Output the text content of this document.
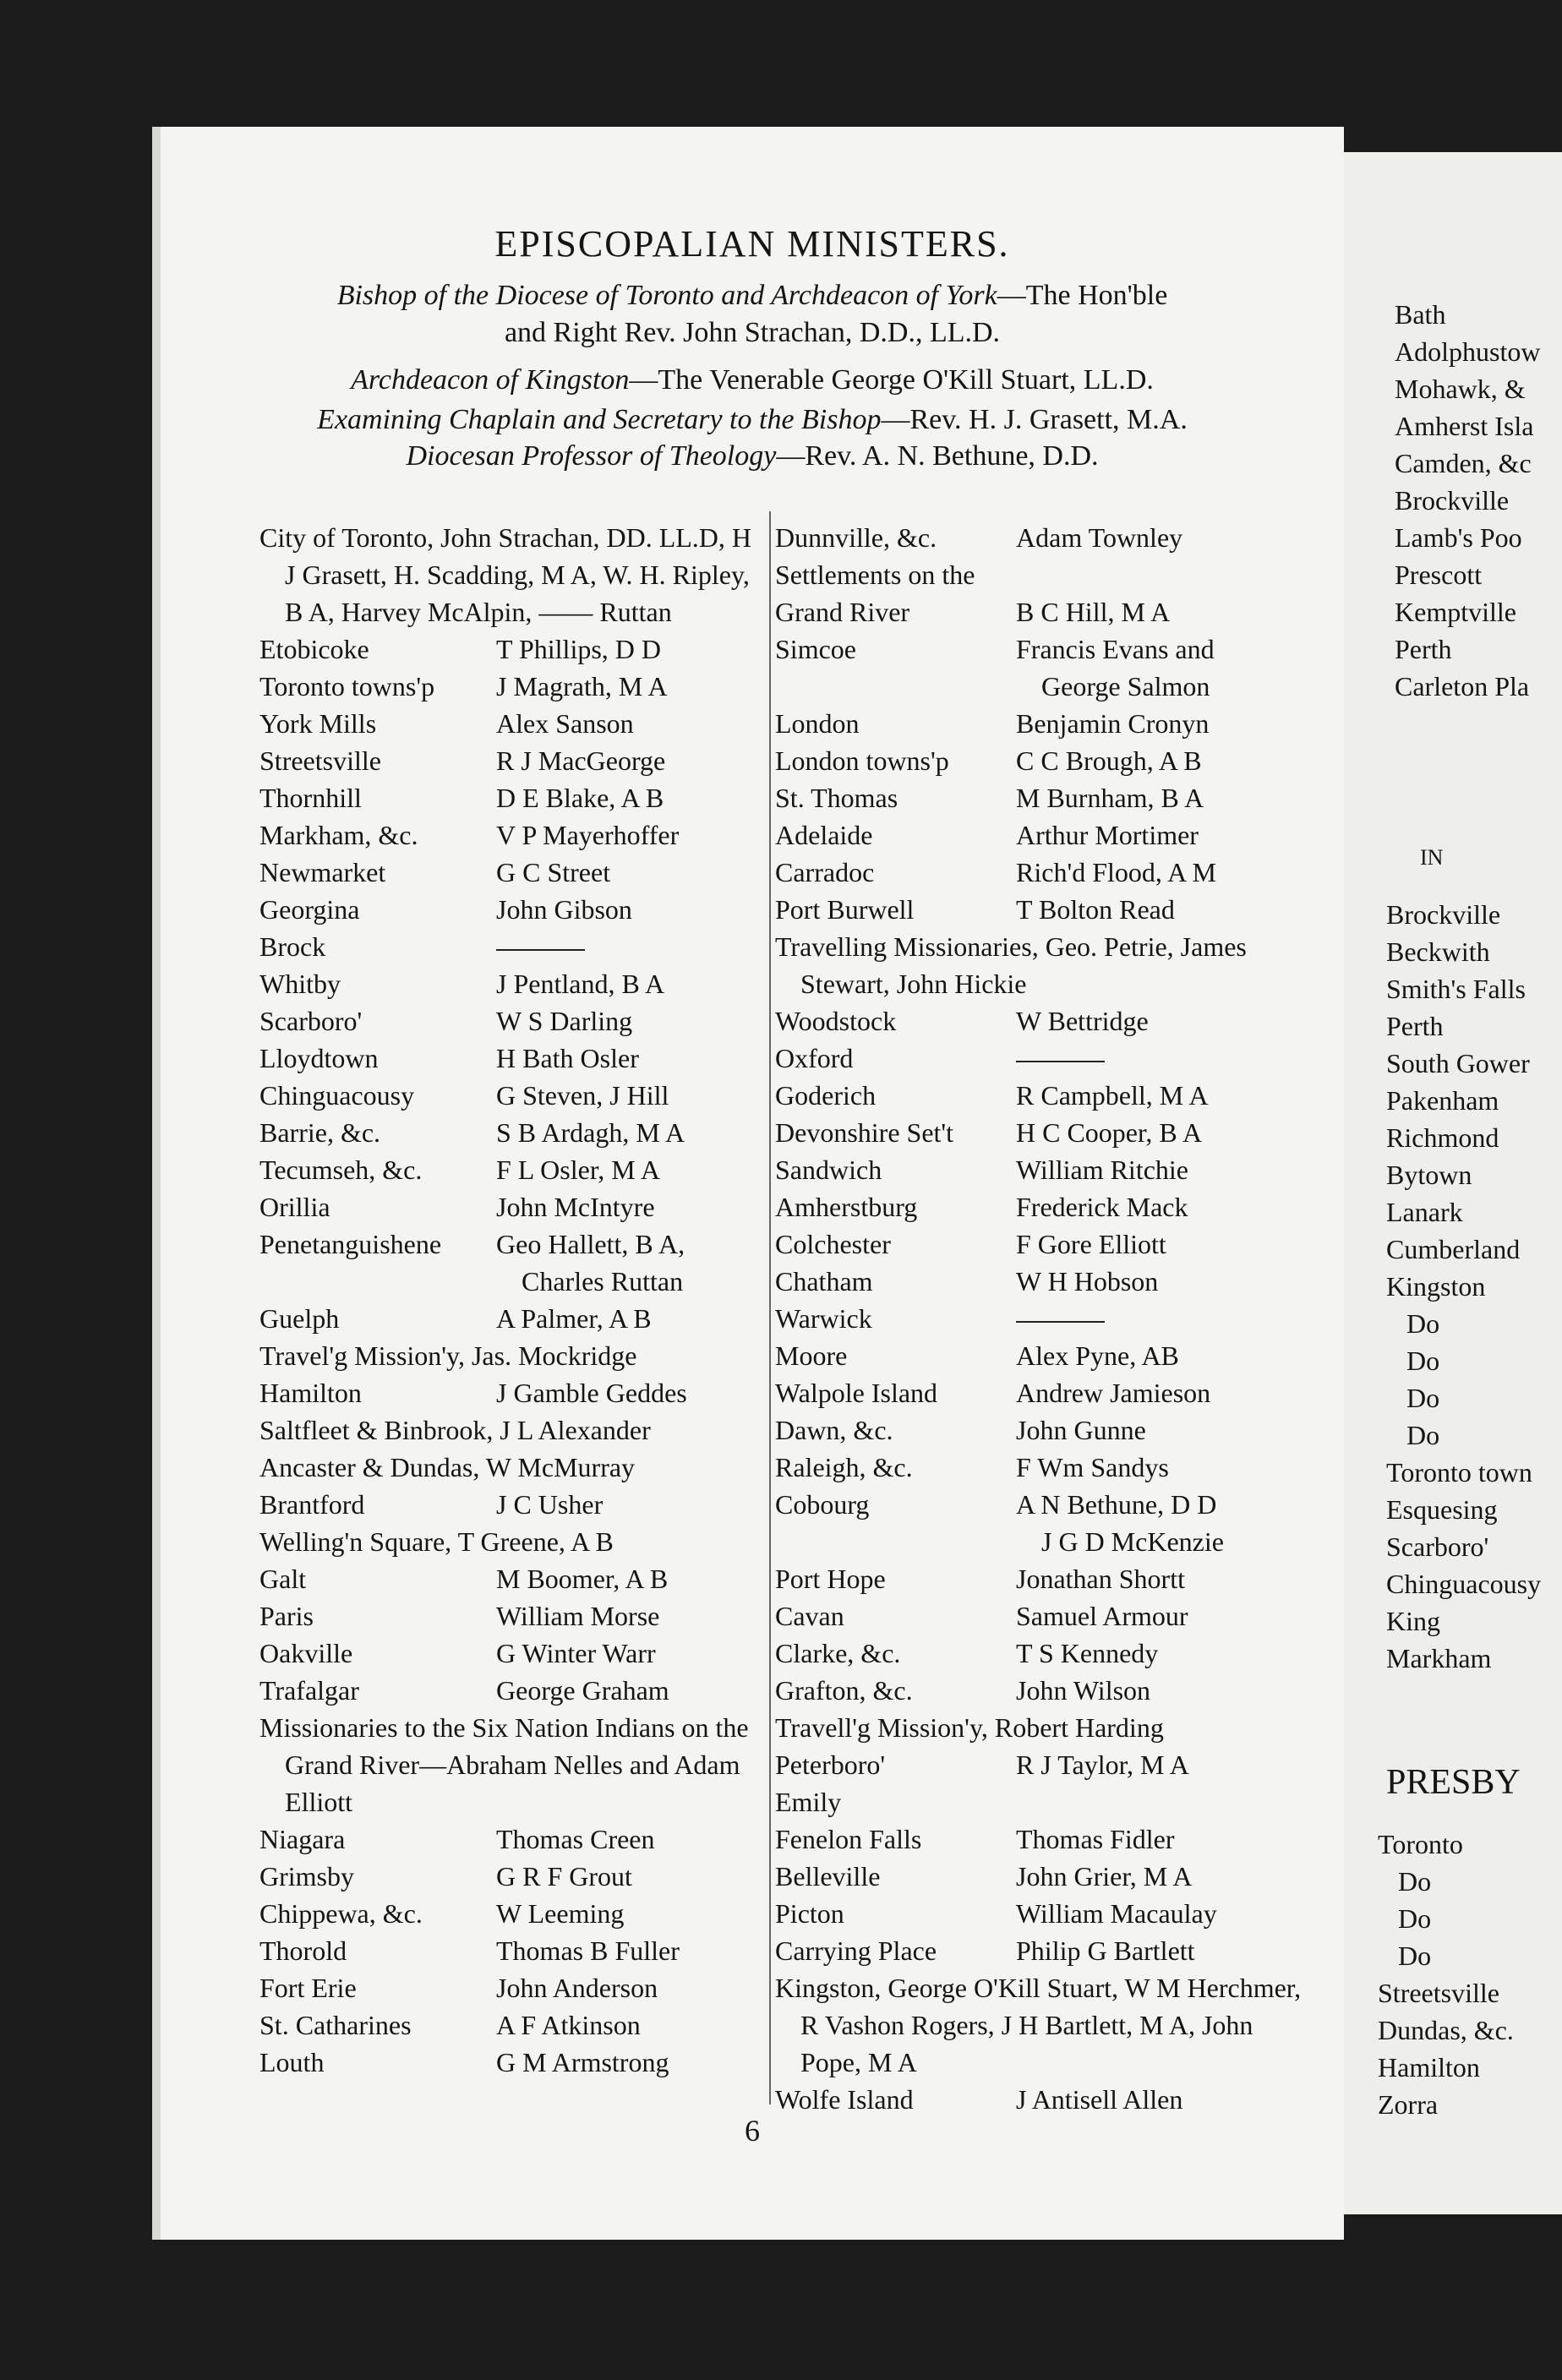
EPISCOPALIAN MINISTERS.
Bishop of the Diocese of Toronto and Archdeacon of York—The Hon'ble
and Right Rev. John Strachan, D.D., LL.D.
Archdeacon of Kingston—The Venerable George O'Kill Stuart, LL.D.
Examining Chaplain and Secretary to the Bishop—Rev. H. J. Grasett, M.A.
Diocesan Professor of Theology—Rev. A. N. Bethune, D.D.
City of Toronto, John Strachan, DD. LL.D, H J Grasett, H. Scadding, M A, W. H. Ripley, B A, Harvey McAlpin, —— Ruttan
Etobicoke	T Phillips, D D
Toronto towns'p J Magrath, M A
York Mills	Alex Sanson
Streetsville	R J MacGeorge
Thornhill	D E Blake, A B
Markham, &c.	V P Mayerhoffer
Newmarket	G C Street
Georgina	John Gibson
Brock
Whitby	J Pentland, B A
Scarboro'	W S Darling
Lloydtown	H Bath Osler
Chinguacousy	G Steven, J Hill
Barrie, &c.	S B Ardagh, M A
Tecumseh, &c.	F L Osler, M A
Orillia	John McIntyre
Penetanguishene Geo Hallett, B A,
Charles Ruttan
Guelph	A Palmer, A B
Travel'g Mission'y, Jas. Mockridge
Hamilton	J Gamble Geddes
Saltfleet & Binbrook, J L Alexander
Ancaster & Dundas, W McMurray
Brantford	J C Usher
Welling'n Square, T Greene, A B
Galt	M Boomer, A B
Paris	William Morse
Oakville	G Winter Warr
Trafalgar	George Graham
Missionaries to the Six Nation Indians on the Grand River—Abraham Nelles and Adam Elliott
Niagara	Thomas Creen
Grimsby	G R F Grout
Chippewa, &c.	W Leeming
Thorold	Thomas B Fuller
Fort Erie	John Anderson
St. Catharines	A F Atkinson
Louth	G M Armstrong
Dunnville, &c.	Adam Townley
Settlements on the
Grand River	B C Hill, M A
Simcoe	Francis Evans and
George Salmon
London	Benjamin Cronyn
London towns'p C C Brough, A B
St. Thomas	M Burnham, B A
Adelaide	Arthur Mortimer
Carradoc	Rich'd Flood, A M
Port Burwell	T Bolton Read
Travelling Missionaries, Geo. Petrie, James Stewart, John Hickie
Woodstock	W Bettridge
Oxford
Goderich	R Campbell, M A
Devonshire Set't H C Cooper, B A
Sandwich	William Ritchie
Amherstburg	Frederick Mack
Colchester	F Gore Elliott
Chatham	W H Hobson
Warwick
Moore	Alex Pyne, AB
Walpole Island	Andrew Jamieson
Dawn, &c.	John Gunne
Raleigh, &c.	F Wm Sandys
Cobourg	A N Bethune, D D
J G D McKenzie
Port Hope	Jonathan Shortt
Cavan	Samuel Armour
Clarke, &c.	T S Kennedy
Grafton, &c.	John Wilson
Travell'g Mission'y, Robert Harding
Peterboro'	R J Taylor, M A
Emily
Fenelon Falls	Thomas Fidler
Belleville	John Grier, M A
Picton	William Macaulay
Carrying Place	Philip G Bartlett
Kingston, George O'Kill Stuart, W M Herchmer, R Vashon Rogers, J H Bartlett, M A, John Pope, M A
Wolfe Island	J Antisell Allen
6
Bath
Adolphustow
Mohawk, &
Amherst Isla
Camden, &c
Brockville
Lamb's Poo
Prescott
Kemptville
Perth
Carleton Pla
IN
Brockville
Beckwith
Smith's Falls
Perth
South Gower
Pakenham
Richmond
Bytown
Lanark
Cumberland
Kingston
Do
Do
Do
Do
Toronto town
Esquesing
Scarboro'
Chinguacousy
King
Markham
PRESBY
Toronto
Do
Do
Do
Streetsville
Dundas, &c.
Hamilton
Zorra
